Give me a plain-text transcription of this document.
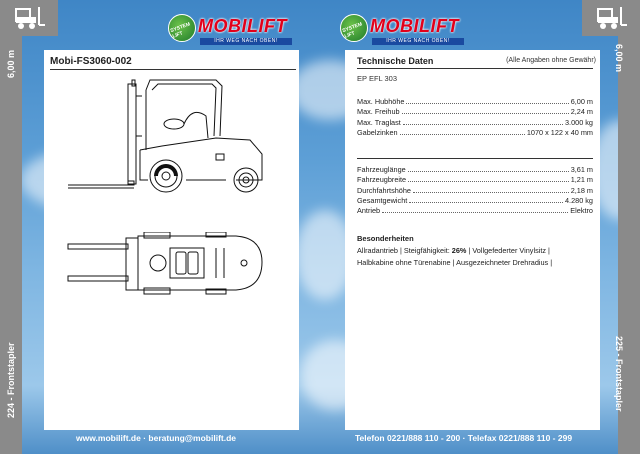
6,00 m
224 - Frontstapler
6,00 m
225 - Frontstapler
SYSTEM LIFT MOBILIFT
IHR WEG NACH OBEN!
SYSTEM LIFT MOBILIFT
IHR WEG NACH OBEN!
Mobi-FS3060-002	Technische Daten	(Alle Angaben ohne Gewähr)
EP EFL 303
Max. Hubhöhe	6,00 m
Max. Freihub	2,24 m
Max. Traglast	3.000 kg
Gabelzinken	1070 x 122 x 40 mm
Fahrzeuglänge	3,61 m
Fahrzeugbreite	1,21 m
Durchfahrtshöhe	2,18 m
Gesamtgewicht	4.280 kg
Antrieb	Elektro
Besonderheiten
Allradantrieb | Steigfähigkeit: 26% | Vollgefederter Vinylsitz |
Halbkabine ohne Türenabine | Ausgezeichneter Drehradius |
www.mobilift.de · beratung@mobilift.de	Telefon 0221/888 110 - 200 · Telefax 0221/888 110 - 299
